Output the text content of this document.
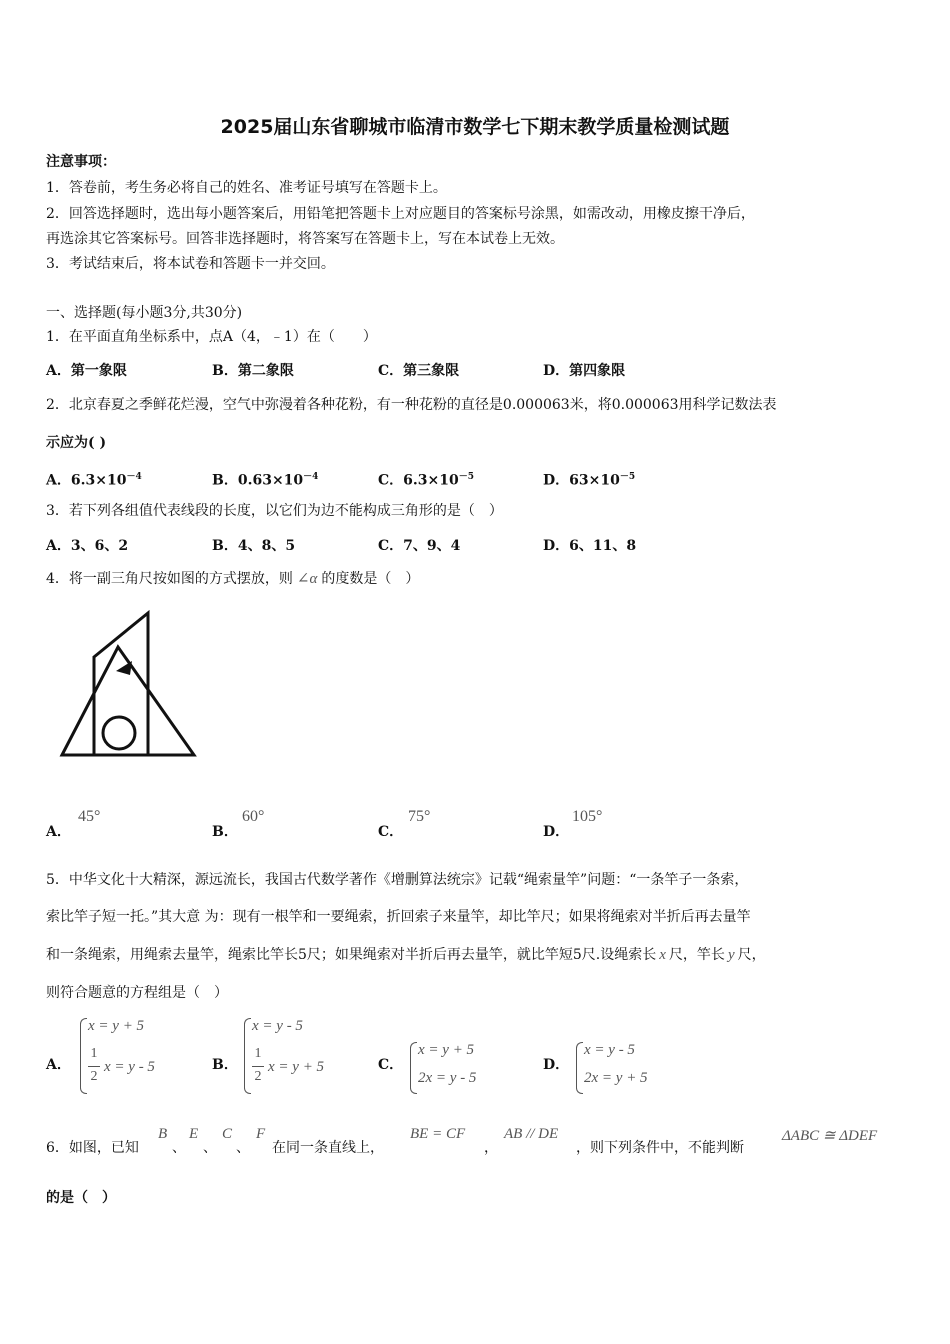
2025届山东省聊城市临清市数学七下期末教学质量检测试题
注意事项：
1．答卷前，考生务必将自己的姓名、准考证号填写在答题卡上。
2．回答选择题时，选出每小题答案后，用铅笔把答题卡上对应题目的答案标号涂黑，如需改动，用橡皮擦干净后，
再选涂其它答案标号。回答非选择题时，将答案写在答题卡上，写在本试卷上无效。
3．考试结束后，将本试卷和答题卡一并交回。
一、选择题(每小题3分,共30分)
1．在平面直角坐标系中，点A（4，﹣1）在（　　）
A．第一象限	B．第二象限	C．第三象限	D．第四象限
2．北京春夏之季鲜花烂漫，空气中弥漫着各种花粉，有一种花粉的直径是0.000063米，将0.000063用科学记数法表
示应为( )
A．$6.3\times 10^{-4}$	B．$0.63\times 10^{-4}$	C．$6.3\times 10^{-5}$	D．$63\times 10^{-5}$
3．若下列各组值代表线段的长度，以它们为边不能构成三角形的是（　）
A．3、6、2	B．4、8、5	C．7、9、4	D．6、11、8
4．将一副三角尺按如图的方式摆放，则 ∠α 的度数是（　）
A．
45°
B．
60°
C．
75°
D．
105°
5．中华文化十大精深，源远流长，我国古代数学著作《增删算法统宗》记载“绳索量竿”问题：“一条竿子一条索，
索比竿子短一托。”其大意 为：现有一根竿和一要绳索，折回索子来量竿，却比竿尺；如果将绳索对半折后再去量竿
和一条绳索，用绳索去量竿，绳索比竿长5尺；如果绳索对半折后再去量竿，就比竿短5尺.设绳索长 x 尺，竿长 y 尺，
则符合题意的方程组是（　）
A．
x = y + 5
1
2
x = y - 5	B．
x = y - 5
1
2
x = y + 5	C．
x = y + 5
2x = y - 5
D．
x = y - 5
2x = y + 5
6．如图，已知
B
、
E
、
C
、
F
在同一条直线上，
BE = CF
，
AB // DE
，则下列条件中，不能判断
ΔABC ≅ ΔDEF
的是（　）
